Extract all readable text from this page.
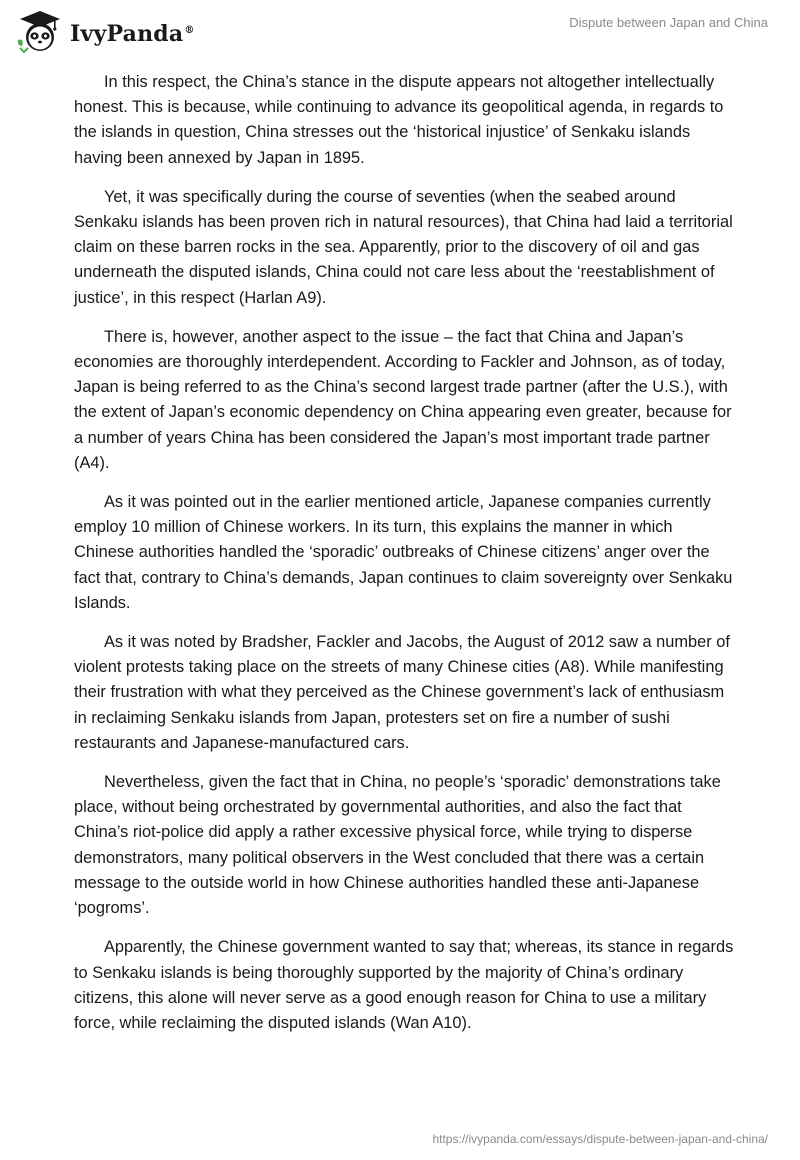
IvyPanda®
Dispute between Japan and China

In this respect, the China’s stance in the dispute appears not altogether intellectually honest. This is because, while continuing to advance its geopolitical agenda, in regards to the islands in question, China stresses out the ‘historical injustice’ of Senkaku islands having been annexed by Japan in 1895.

Yet, it was specifically during the course of seventies (when the seabed around Senkaku islands has been proven rich in natural resources), that China had laid a territorial claim on these barren rocks in the sea. Apparently, prior to the discovery of oil and gas underneath the disputed islands, China could not care less about the ‘reestablishment of justice’, in this respect (Harlan A9).

There is, however, another aspect to the issue – the fact that China and Japan’s economies are thoroughly interdependent. According to Fackler and Johnson, as of today, Japan is being referred to as the China’s second largest trade partner (after the U.S.), with the extent of Japan’s economic dependency on China appearing even greater, because for a number of years China has been considered the Japan’s most important trade partner (A4).

As it was pointed out in the earlier mentioned article, Japanese companies currently employ 10 million of Chinese workers. In its turn, this explains the manner in which Chinese authorities handled the ‘sporadic’ outbreaks of Chinese citizens’ anger over the fact that, contrary to China’s demands, Japan continues to claim sovereignty over Senkaku Islands.

As it was noted by Bradsher, Fackler and Jacobs, the August of 2012 saw a number of violent protests taking place on the streets of many Chinese cities (A8). While manifesting their frustration with what they perceived as the Chinese government’s lack of enthusiasm in reclaiming Senkaku islands from Japan, protesters set on fire a number of sushi restaurants and Japanese-manufactured cars.

Nevertheless, given the fact that in China, no people’s ‘sporadic’ demonstrations take place, without being orchestrated by governmental authorities, and also the fact that China’s riot-police did apply a rather excessive physical force, while trying to disperse demonstrators, many political observers in the West concluded that there was a certain message to the outside world in how Chinese authorities handled these anti-Japanese ‘pogroms’.

Apparently, the Chinese government wanted to say that; whereas, its stance in regards to Senkaku islands is being thoroughly supported by the majority of China’s ordinary citizens, this alone will never serve as a good enough reason for China to use a military force, while reclaiming the disputed islands (Wan A10).

https://ivypanda.com/essays/dispute-between-japan-and-china/
